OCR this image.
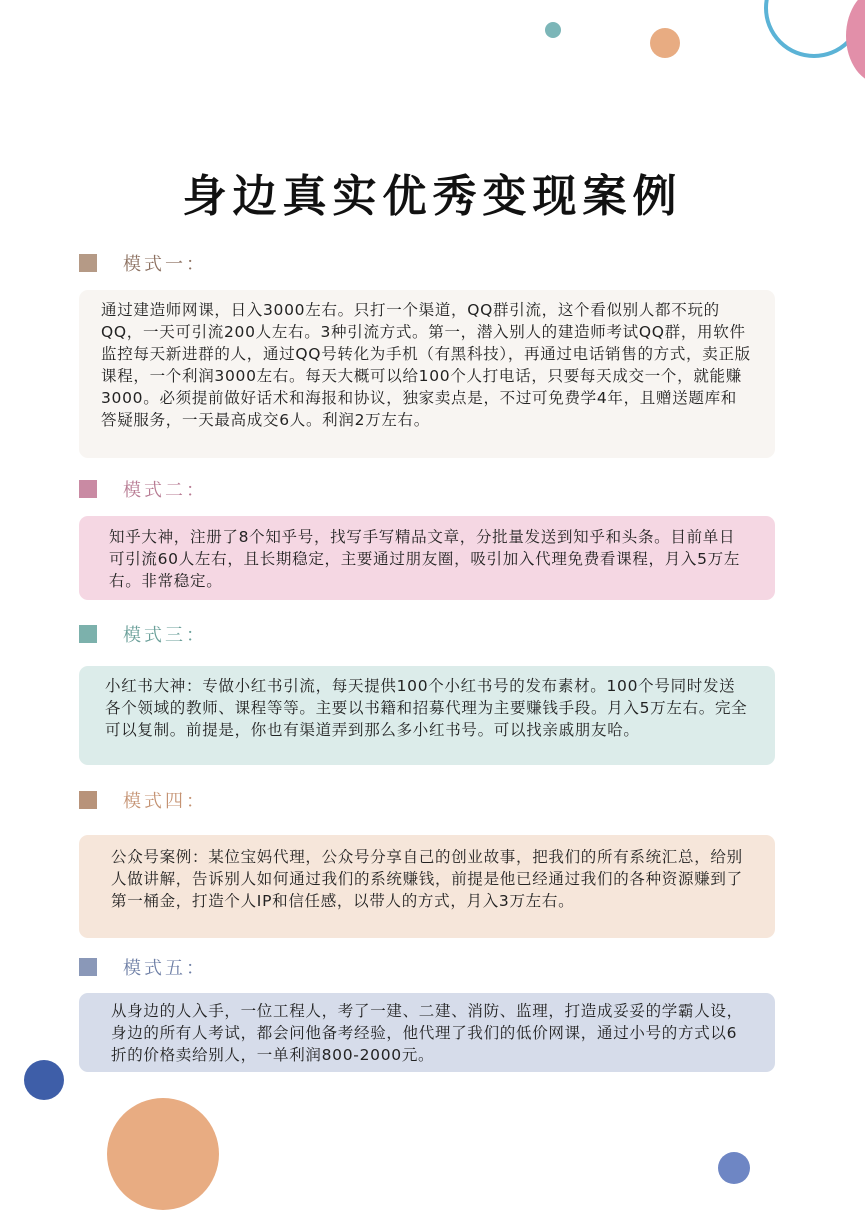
身边真实优秀变现案例
模式一：
通过建造师网课，日入3000左右。只打一个渠道，QQ群引流，这个看似别人都不玩的QQ，一天可引流200人左右。3种引流方式。第一，潜入别人的建造师考试QQ群，用软件监控每天新进群的人，通过QQ号转化为手机（有黑科技），再通过电话销售的方式，卖正版课程，一个利润3000左右。每天大概可以给100个人打电话，只要每天成交一个，就能赚3000。必须提前做好话术和海报和协议，独家卖点是，不过可免费学4年，且赠送题库和答疑服务，一天最高成交6人。利润2万左右。
模式二：
知乎大神，注册了8个知乎号，找写手写精品文章，分批量发送到知乎和头条。目前单日可引流60人左右，且长期稳定，主要通过朋友圈，吸引加入代理免费看课程，月入5万左右。非常稳定。
模式三：
小红书大神：专做小红书引流，每天提供100个小红书号的发布素材。100个号同时发送各个领域的教师、课程等等。主要以书籍和招募代理为主要赚钱手段。月入5万左右。完全可以复制。前提是，你也有渠道弄到那么多小红书号。可以找亲戚朋友哈。
模式四：
公众号案例：某位宝妈代理，公众号分享自己的创业故事，把我们的所有系统汇总，给别人做讲解，告诉别人如何通过我们的系统赚钱，前提是他已经通过我们的各种资源赚到了第一桶金，打造个人IP和信任感，以带人的方式，月入3万左右。
模式五：
从身边的人入手，一位工程人，考了一建、二建、消防、监理，打造成妥妥的学霸人设，身边的所有人考试，都会问他备考经验，他代理了我们的低价网课，通过小号的方式以6折的价格卖给别人，一单利润800-2000元。
